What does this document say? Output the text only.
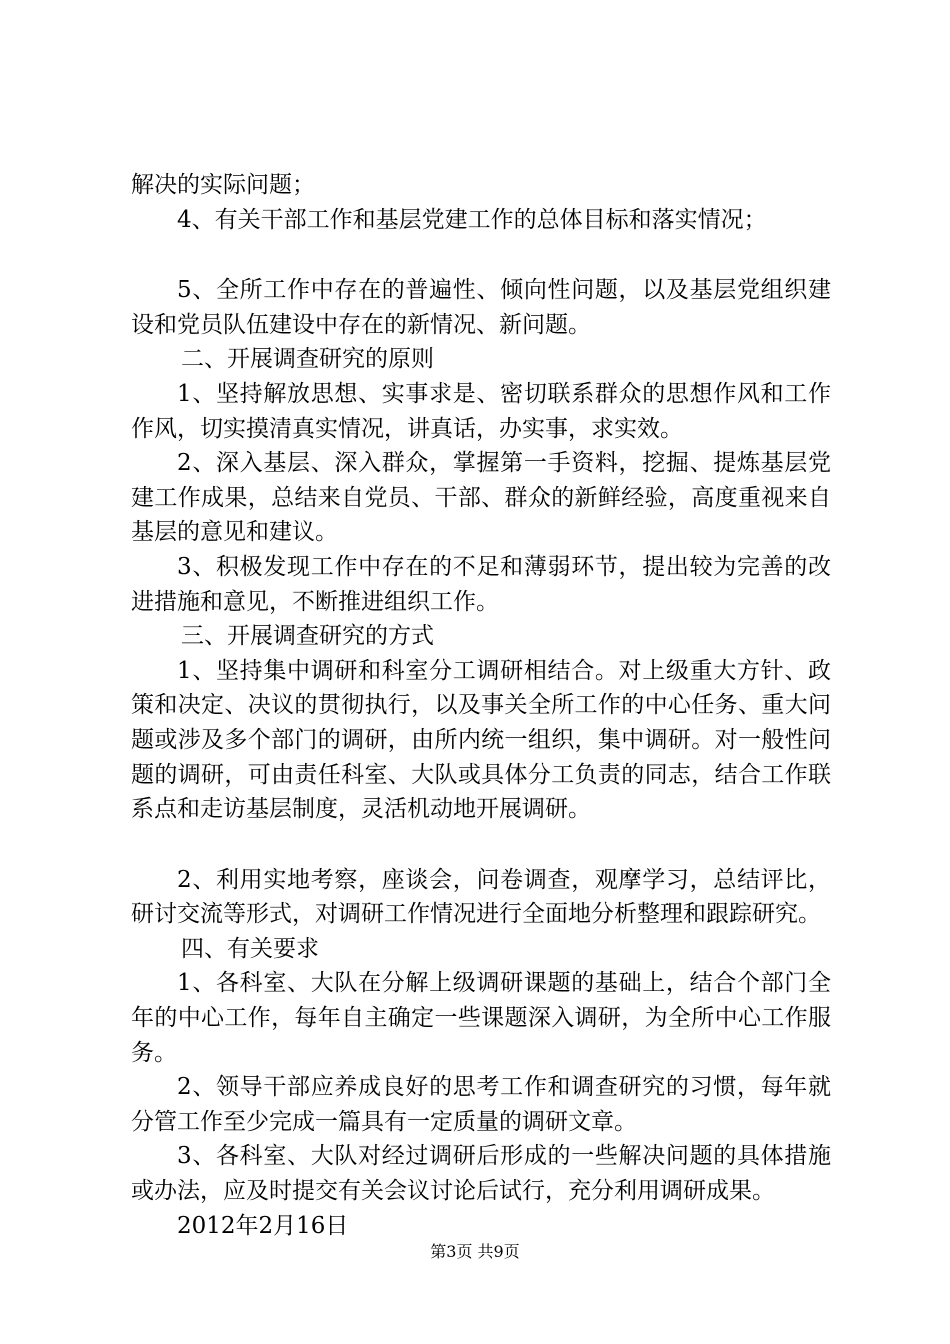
解决的实际问题；

4、有关干部工作和基层党建工作的总体目标和落实情况；

5、全所工作中存在的普遍性、倾向性问题，以及基层党组织建设和党员队伍建设中存在的新情况、新问题。

二、开展调查研究的原则

1、坚持解放思想、实事求是、密切联系群众的思想作风和工作作风，切实摸清真实情况，讲真话，办实事，求实效。

2、深入基层、深入群众，掌握第一手资料，挖掘、提炼基层党建工作成果，总结来自党员、干部、群众的新鲜经验，高度重视来自基层的意见和建议。

3、积极发现工作中存在的不足和薄弱环节，提出较为完善的改进措施和意见，不断推进组织工作。

三、开展调查研究的方式

1、坚持集中调研和科室分工调研相结合。对上级重大方针、政策和决定、决议的贯彻执行，以及事关全所工作的中心任务、重大问题或涉及多个部门的调研，由所内统一组织，集中调研。对一般性问题的调研，可由责任科室、大队或具体分工负责的同志，结合工作联系点和走访基层制度，灵活机动地开展调研。

2、利用实地考察，座谈会，问卷调查，观摩学习，总结评比，研讨交流等形式，对调研工作情况进行全面地分析整理和跟踪研究。

四、有关要求

1、各科室、大队在分解上级调研课题的基础上，结合个部门全年的中心工作，每年自主确定一些课题深入调研，为全所中心工作服务。

2、领导干部应养成良好的思考工作和调查研究的习惯，每年就分管工作至少完成一篇具有一定质量的调研文章。

3、各科室、大队对经过调研后形成的一些解决问题的具体措施或办法，应及时提交有关会议讨论后试行，充分利用调研成果。

2012年2月16日

第3页 共9页
